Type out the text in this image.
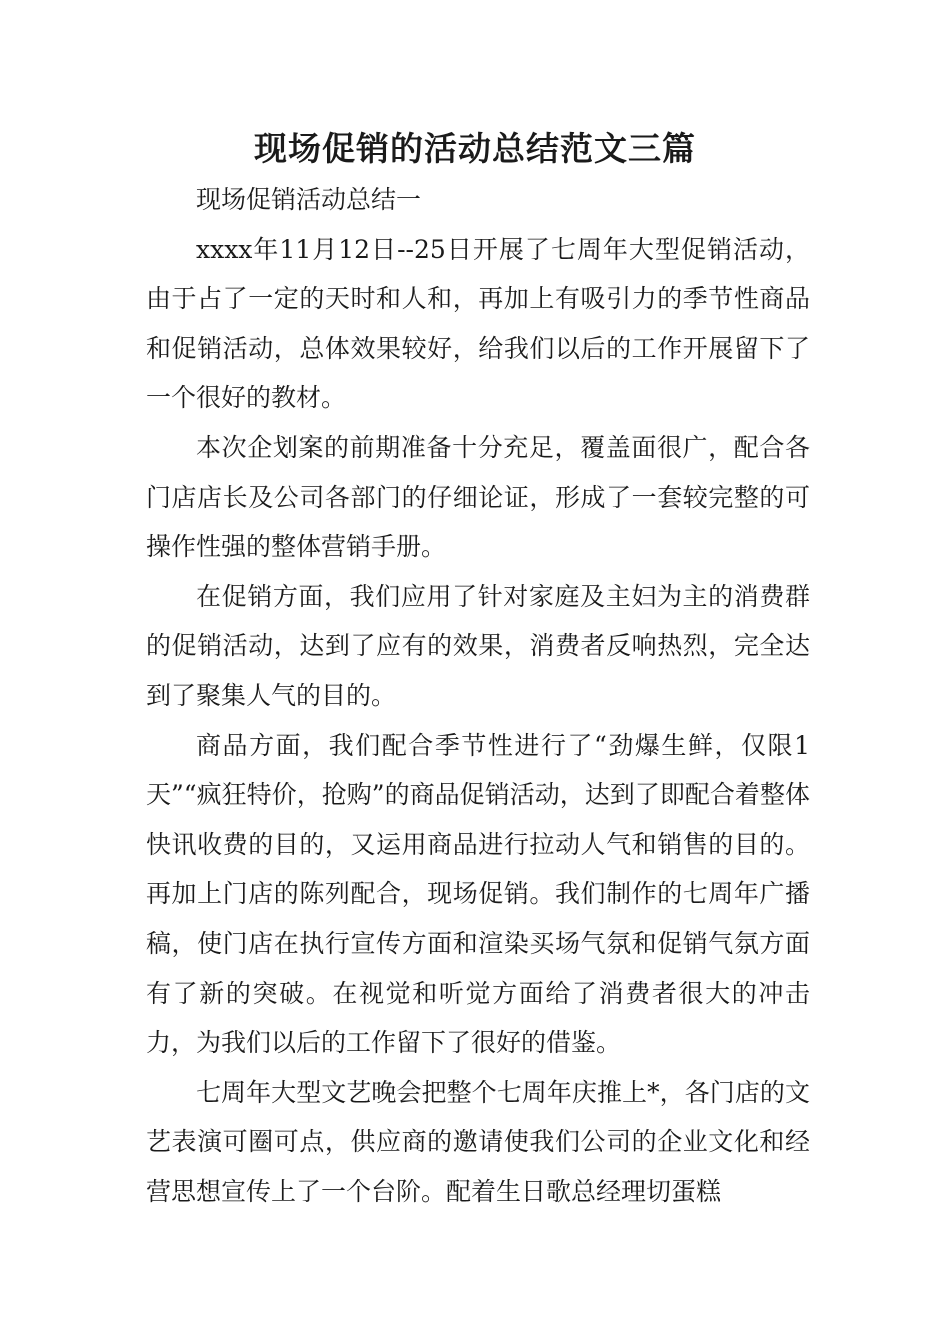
现场促销的活动总结范文三篇

现场促销活动总结一

xxxx年11月12日--25日开展了七周年大型促销活动，由于占了一定的天时和人和，再加上有吸引力的季节性商品和促销活动，总体效果较好，给我们以后的工作开展留下了一个很好的教材。

本次企划案的前期准备十分充足，覆盖面很广，配合各门店店长及公司各部门的仔细论证，形成了一套较完整的可操作性强的整体营销手册。

在促销方面，我们应用了针对家庭及主妇为主的消费群的促销活动，达到了应有的效果，消费者反响热烈，完全达到了聚集人气的目的。

商品方面，我们配合季节性进行了“劲爆生鲜，仅限1天”“疯狂特价，抢购”的商品促销活动，达到了即配合着整体快讯收费的目的，又运用商品进行拉动人气和销售的目的。再加上门店的陈列配合，现场促销。我们制作的七周年广播稿，使门店在执行宣传方面和渲染买场气氛和促销气氛方面有了新的突破。在视觉和听觉方面给了消费者很大的冲击力，为我们以后的工作留下了很好的借鉴。

七周年大型文艺晚会把整个七周年庆推上*，各门店的文艺表演可圈可点，供应商的邀请使我们公司的企业文化和经营思想宣传上了一个台阶。配着生日歌总经理切蛋糕
